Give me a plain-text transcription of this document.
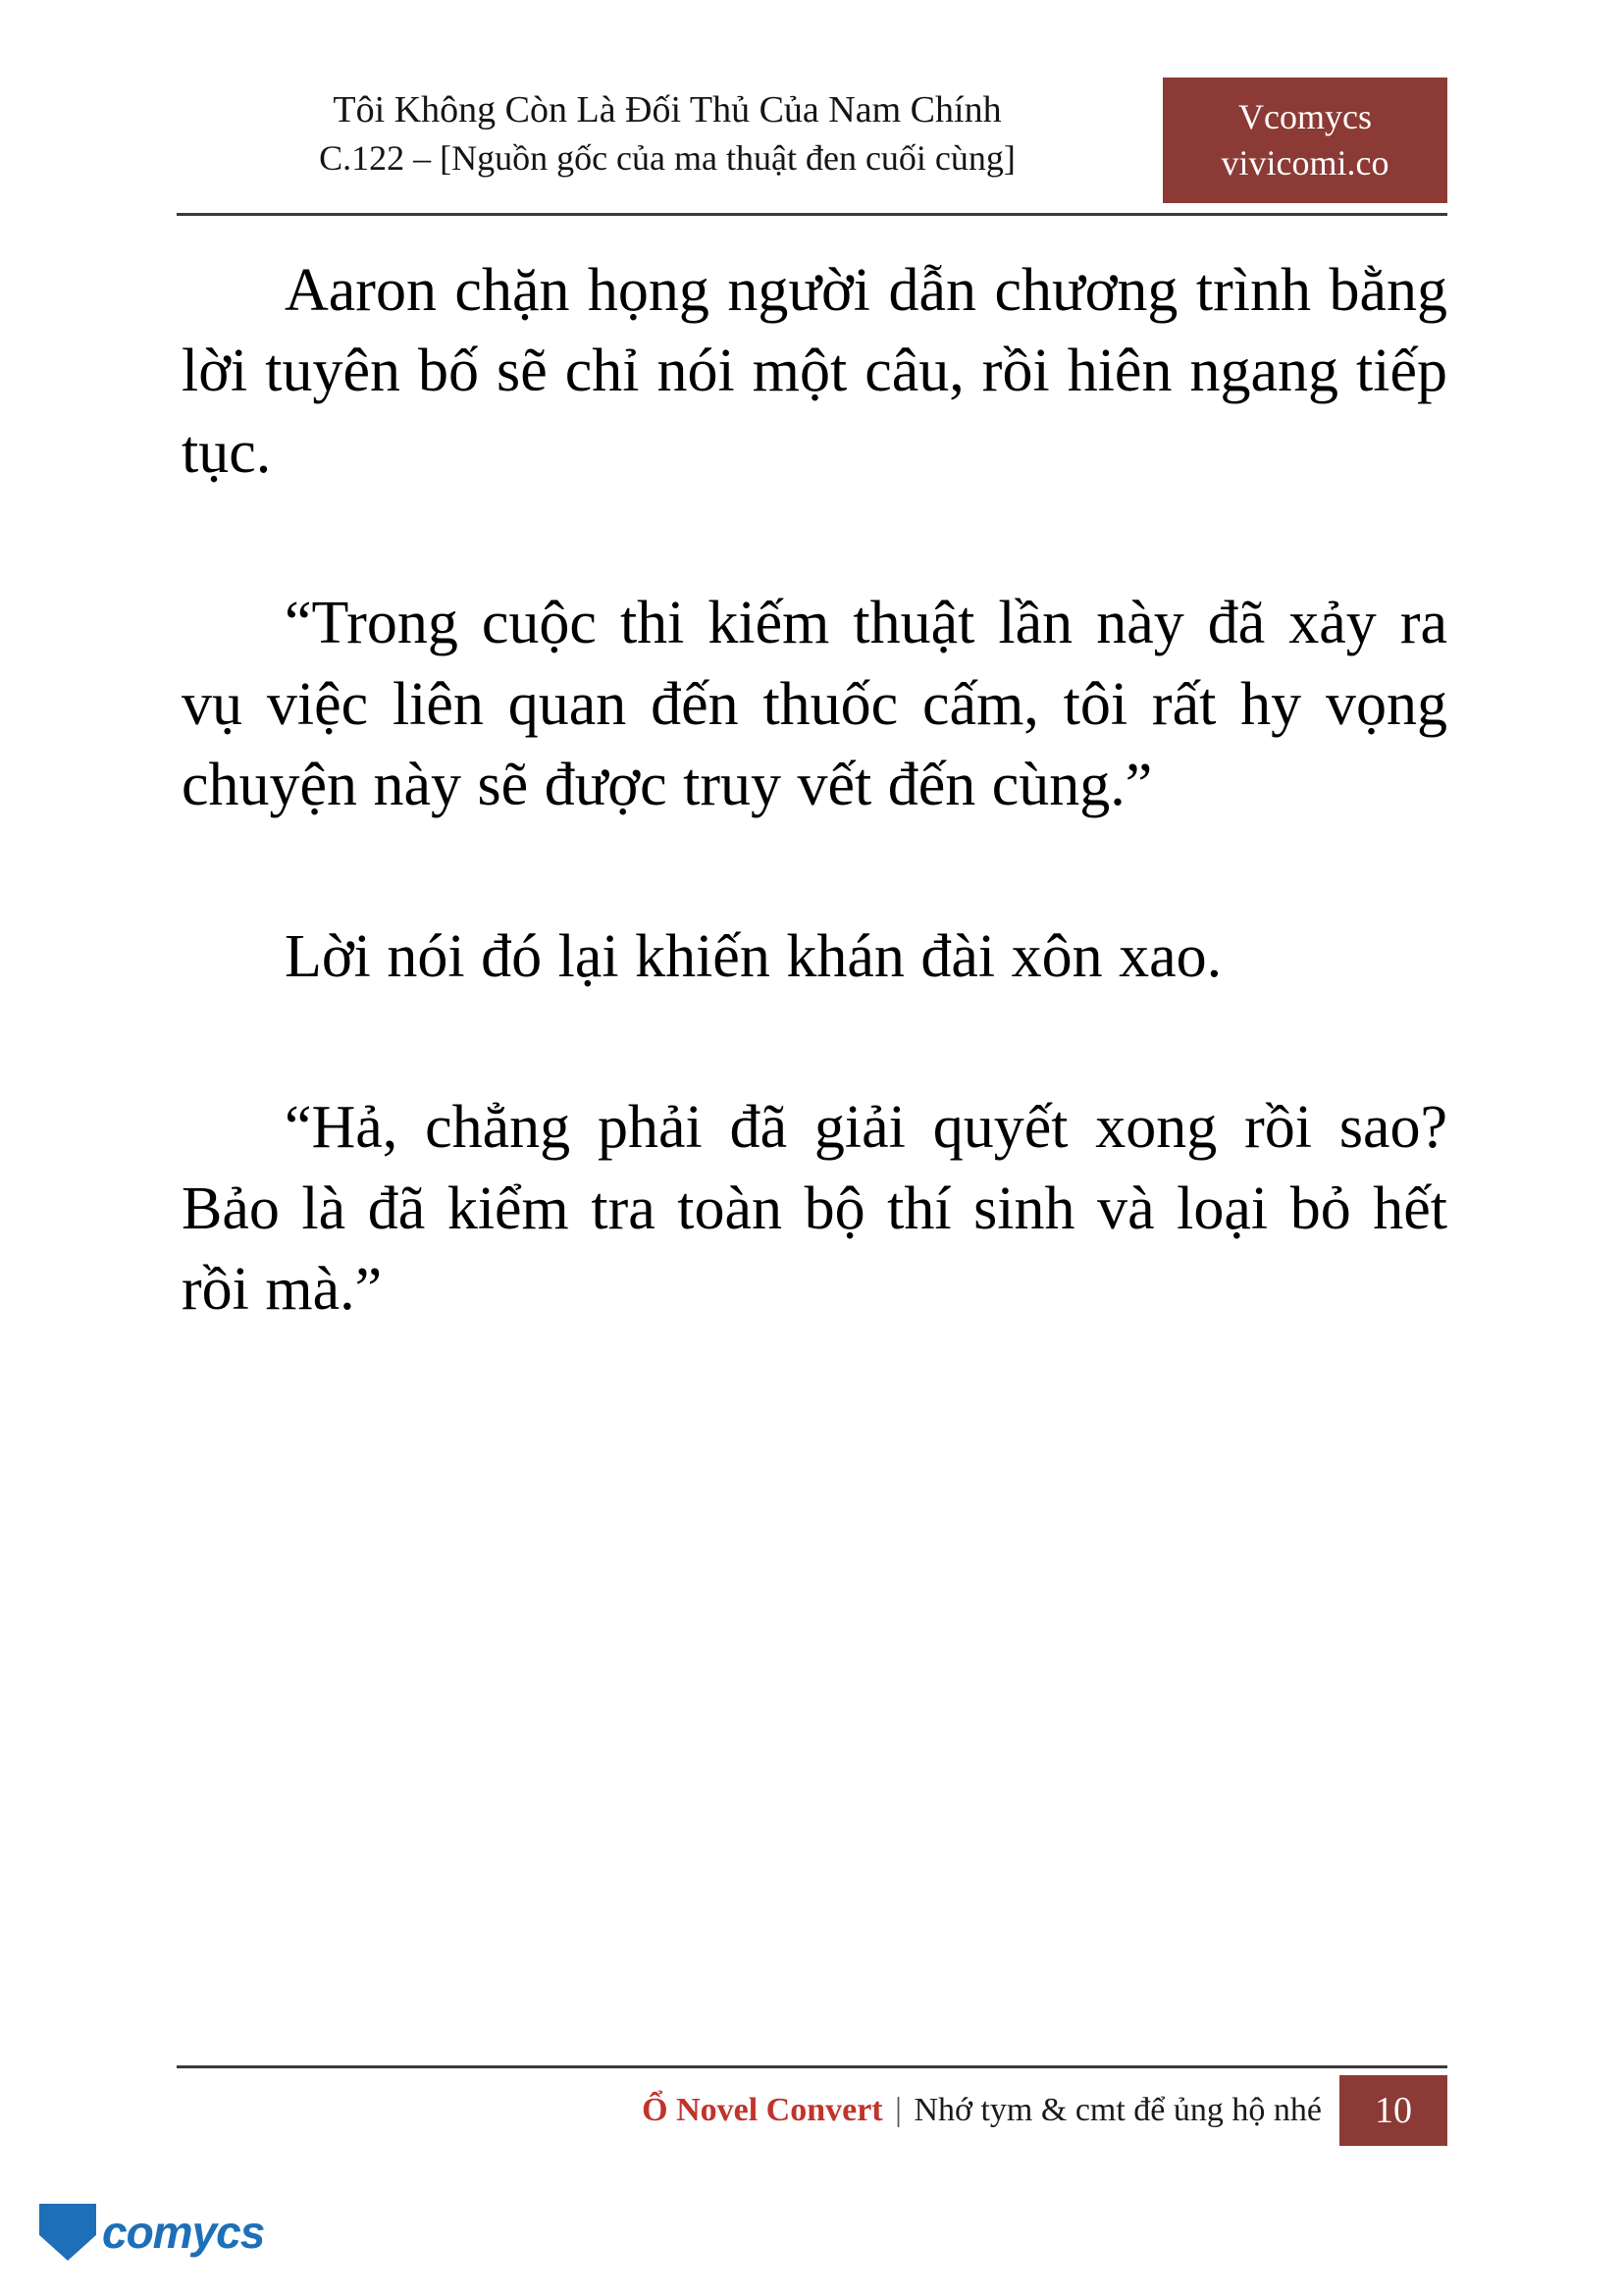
Tôi Không Còn Là Đối Thủ Của Nam Chính
C.122 – [Nguồn gốc của ma thuật đen cuối cùng]
Vcomycs
vivicomi.co

Aaron chặn họng người dẫn chương trình bằng lời tuyên bố sẽ chỉ nói một câu, rồi hiên ngang tiếp tục.

“Trong cuộc thi kiếm thuật lần này đã xảy ra vụ việc liên quan đến thuốc cấm, tôi rất hy vọng chuyện này sẽ được truy vết đến cùng.”

Lời nói đó lại khiến khán đài xôn xao.

“Hả, chẳng phải đã giải quyết xong rồi sao? Bảo là đã kiểm tra toàn bộ thí sinh và loại bỏ hết rồi mà.”

Ổ Novel Convert | Nhớ tym & cmt để ủng hộ nhé	10
comycs
